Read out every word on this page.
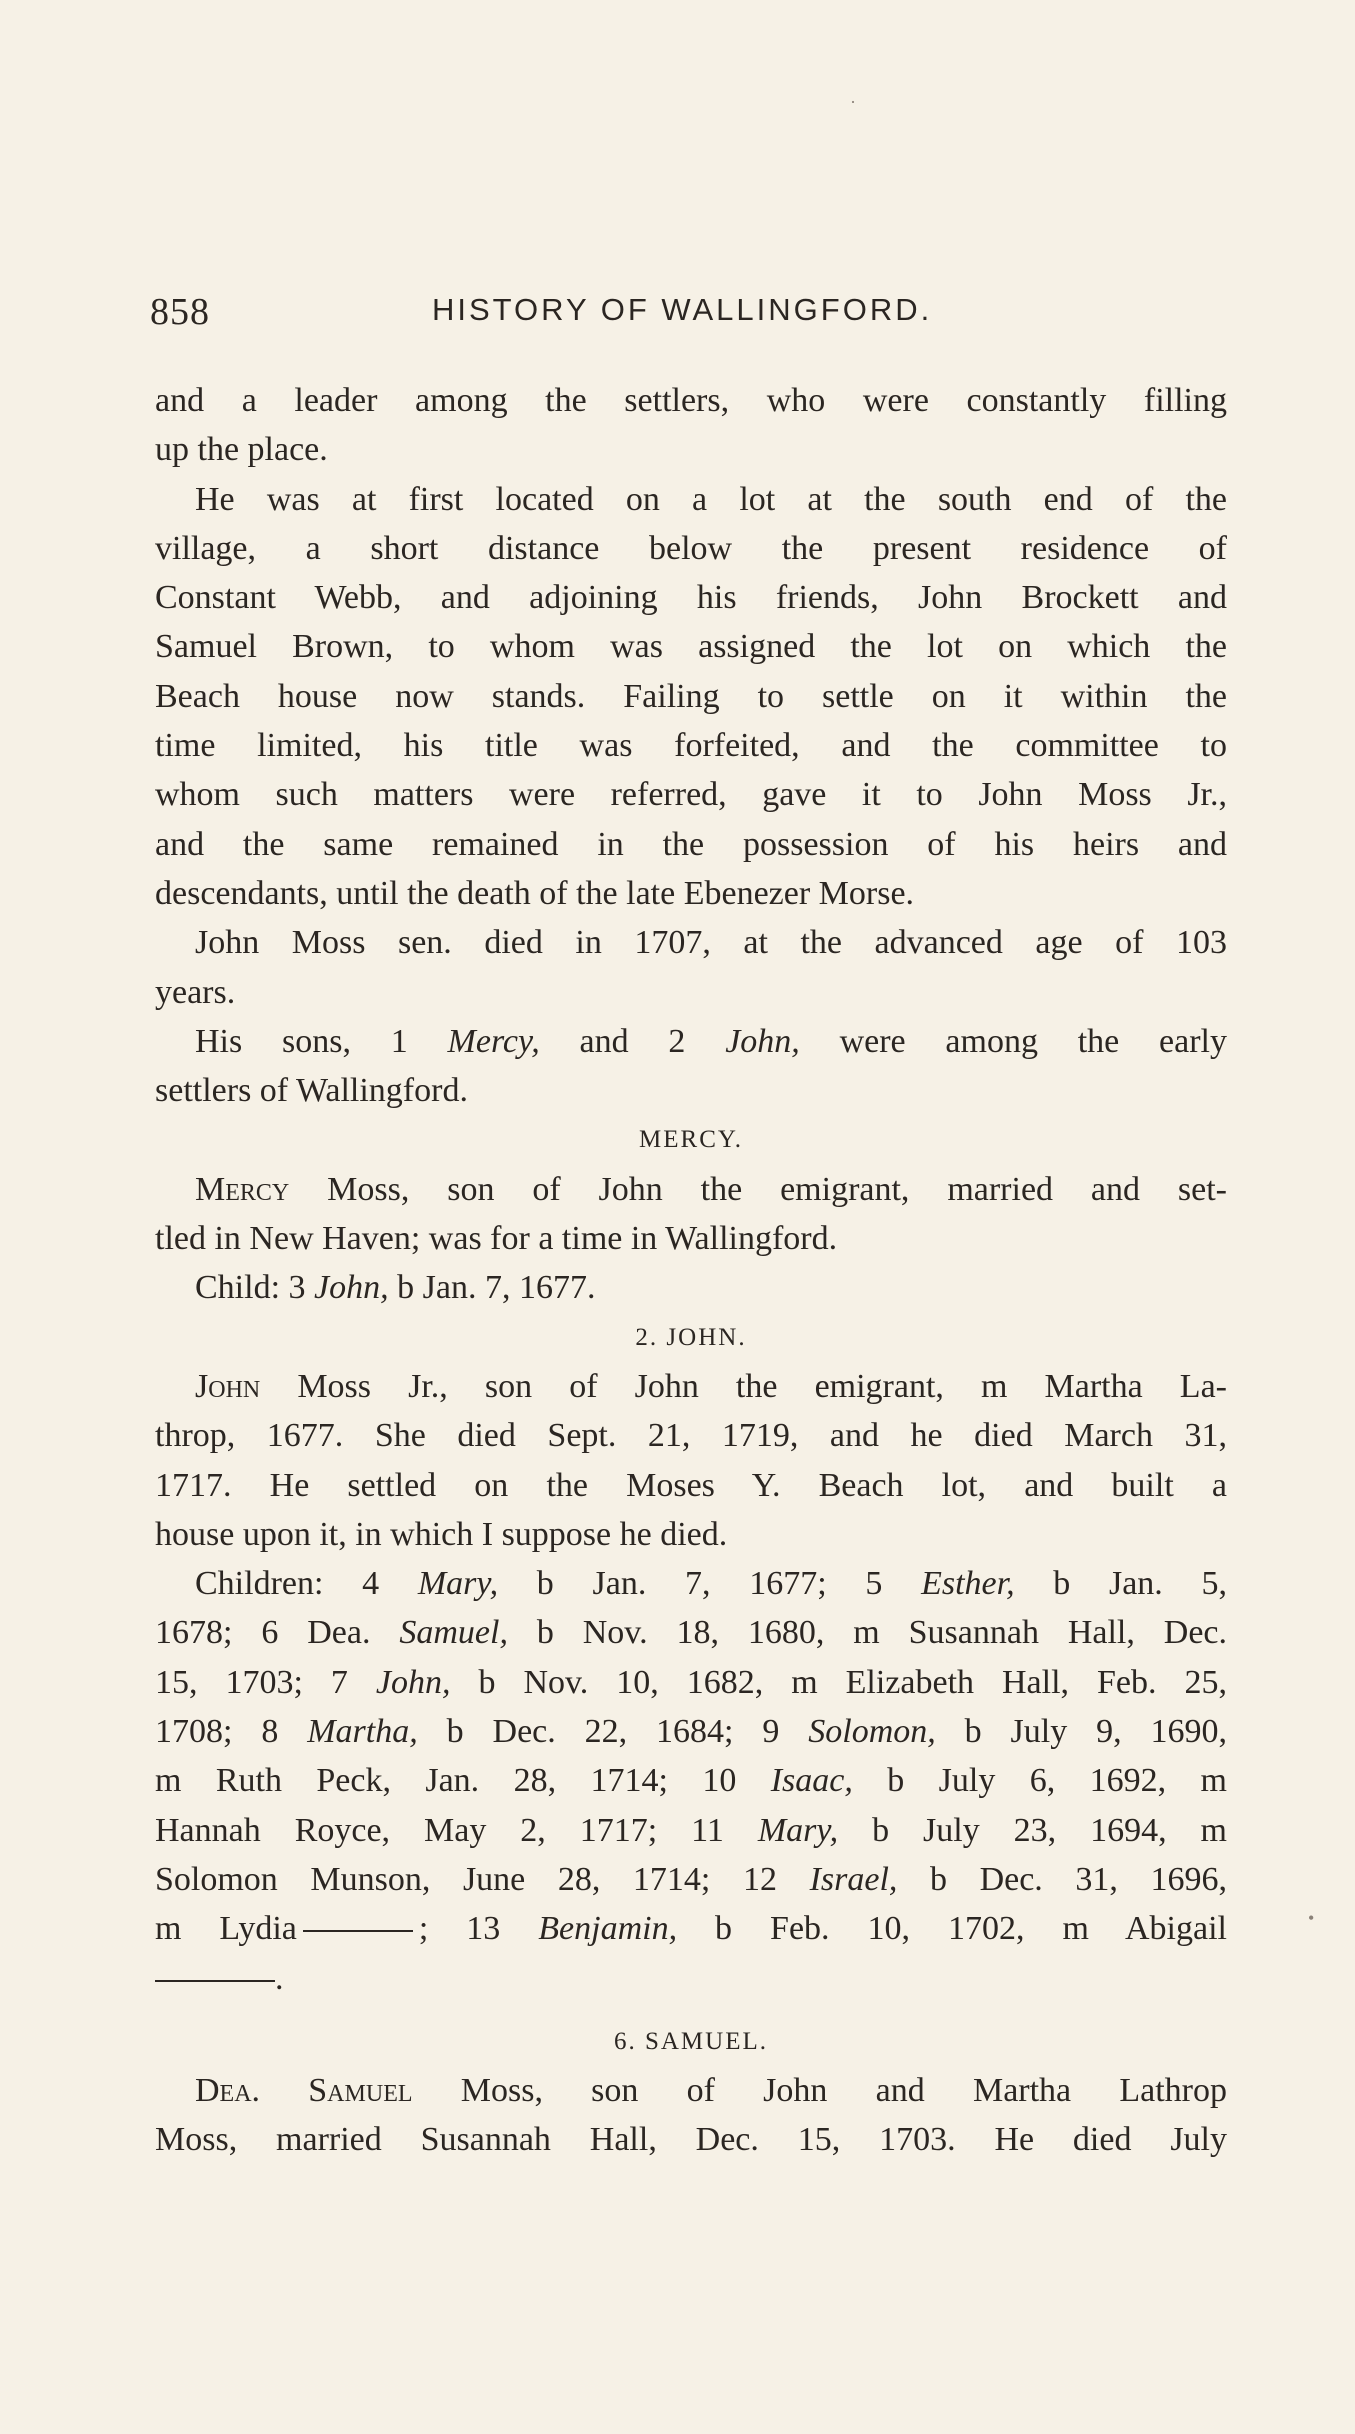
·
858	HISTORY OF WALLINGFORD.
and a leader among the settlers, who were constantly filling
up the place.
He was at first located on a lot at the south end of the
village, a short distance below the present residence of
Constant Webb, and adjoining his friends, John Brockett and
Samuel Brown, to whom was assigned the lot on which the
Beach house now stands. Failing to settle on it within the
time limited, his title was forfeited, and the committee to
whom such matters were referred, gave it to John Moss Jr.,
and the same remained in the possession of his heirs and
descendants, until the death of the late Ebenezer Morse.
John Moss sen. died in 1707, at the advanced age of 103
years.
His sons, 1 Mercy, and 2 John, were among the early
settlers of Wallingford.
MERCY.
Mercy Moss, son of John the emigrant, married and set-
tled in New Haven; was for a time in Wallingford.
Child: 3 John, b Jan. 7, 1677.
2. JOHN.
John Moss Jr., son of John the emigrant, m Martha La-
throp, 1677. She died Sept. 21, 1719, and he died March 31,
1717. He settled on the Moses Y. Beach lot, and built a
house upon it, in which I suppose he died.
Children: 4 Mary, b Jan. 7, 1677; 5 Esther, b Jan. 5,
1678; 6 Dea. Samuel, b Nov. 18, 1680, m Susannah Hall, Dec.
15, 1703; 7 John, b Nov. 10, 1682, m Elizabeth Hall, Feb. 25,
1708; 8 Martha, b Dec. 22, 1684; 9 Solomon, b July 9, 1690,
m Ruth Peck, Jan. 28, 1714; 10 Isaac, b July 6, 1692, m
Hannah Royce, May 2, 1717; 11 Mary, b July 23, 1694, m
Solomon Munson, June 28, 1714; 12 Israel, b Dec. 31, 1696,
m Lydia	; 13 Benjamin, b Feb. 10, 1702, m Abigail
.
6. SAMUEL.
Dea. Samuel Moss, son of John and Martha Lathrop
Moss, married Susannah Hall, Dec. 15, 1703. He died July
•
